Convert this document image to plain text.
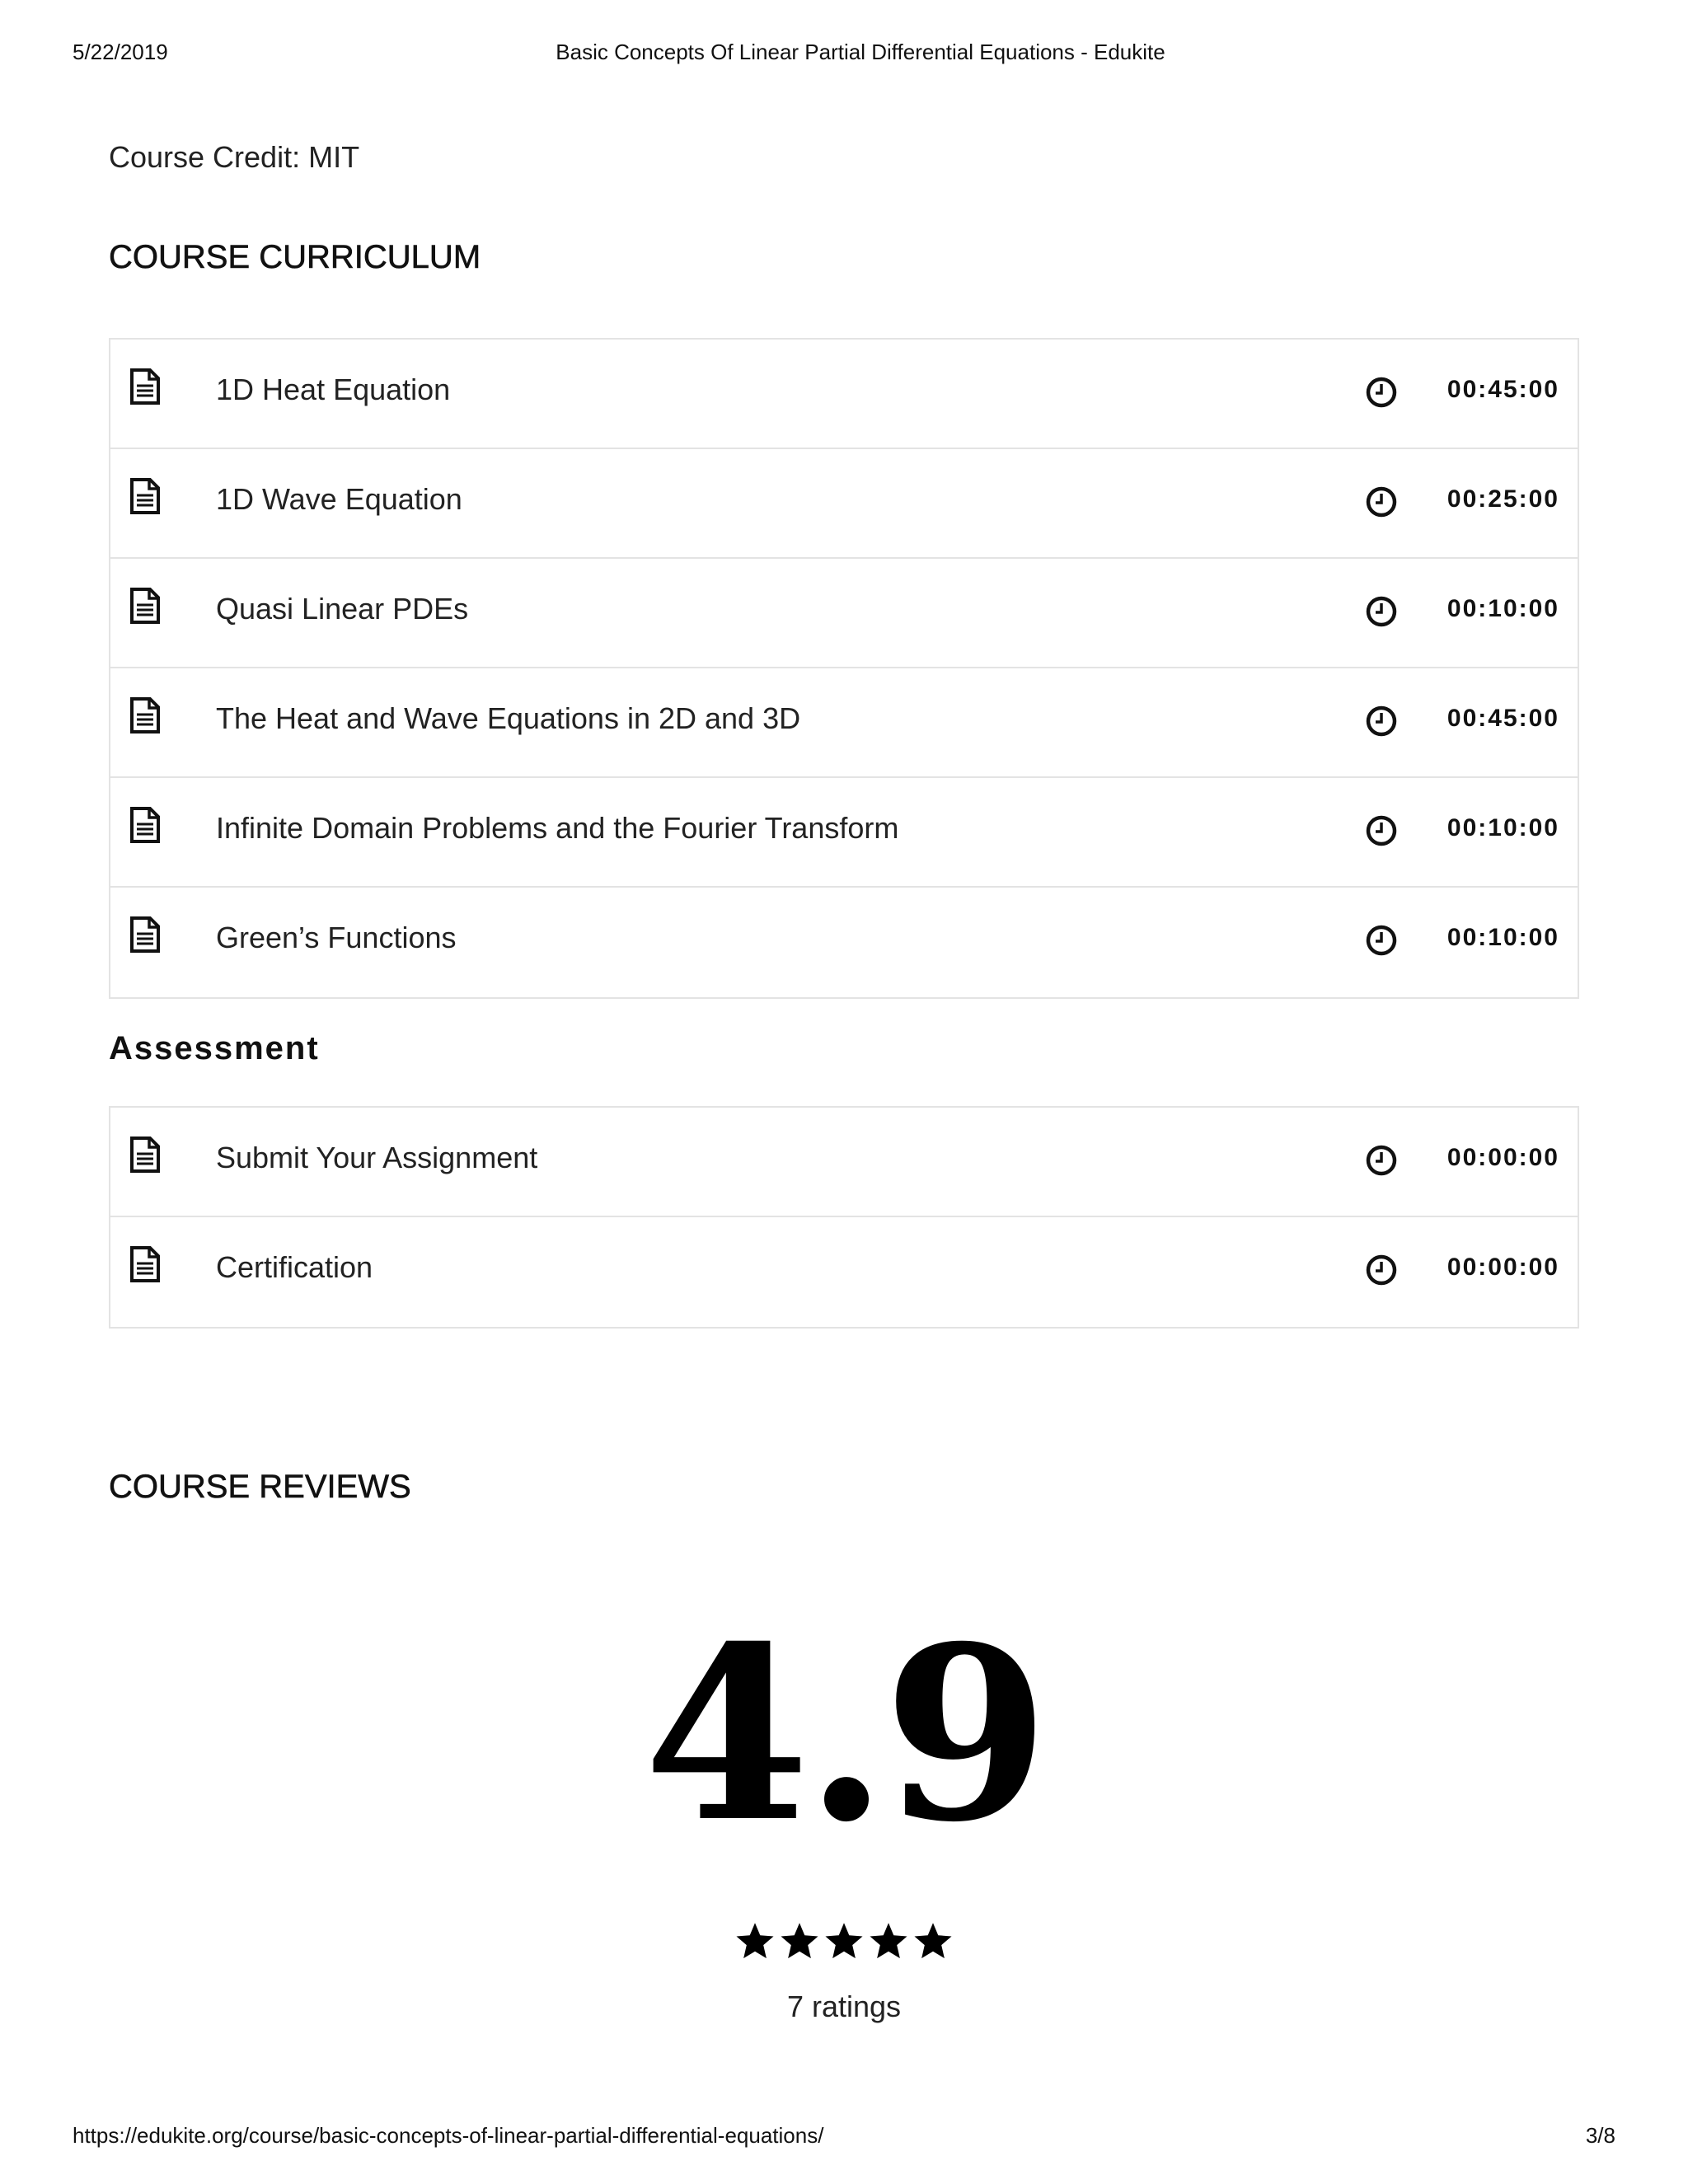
5/22/2019	Basic Concepts Of Linear Partial Differential Equations - Edukite
Course Credit: MIT
COURSE CURRICULUM
1D Heat Equation	00:45:00
1D Wave Equation	00:25:00
Quasi Linear PDEs	00:10:00
The Heat and Wave Equations in 2D and 3D	00:45:00
Infinite Domain Problems and the Fourier Transform	00:10:00
Green’s Functions	00:10:00
Assessment
Submit Your Assignment	00:00:00
Certification	00:00:00
COURSE REVIEWS
4.9
7 ratings
https://edukite.org/course/basic-concepts-of-linear-partial-differential-equations/	3/8
